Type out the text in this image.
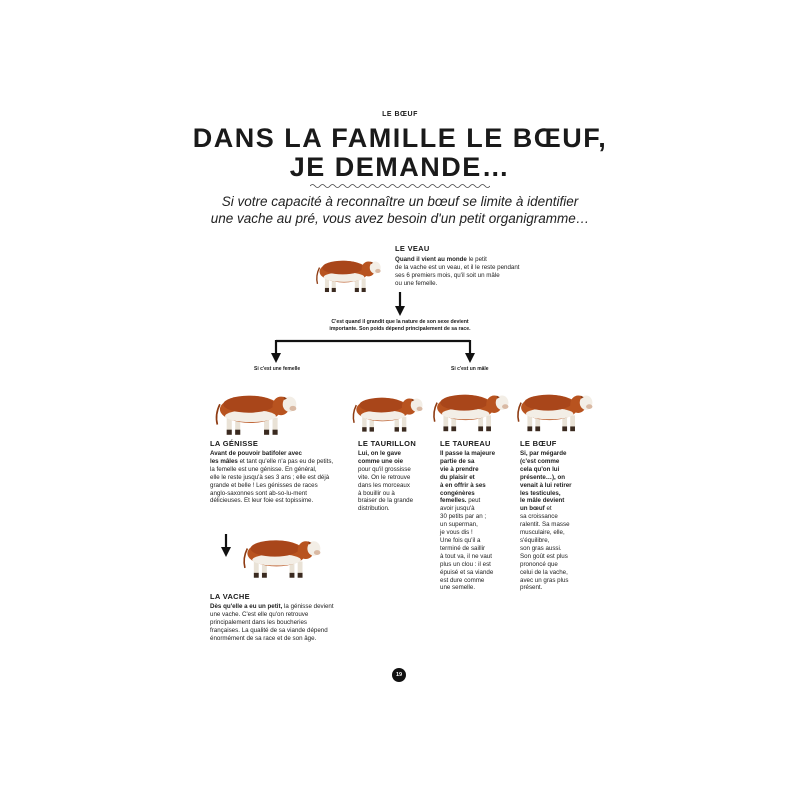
LE BŒUF
DANS LA FAMILLE LE BŒUF,
JE DEMANDE…
Si votre capacité à reconnaître un bœuf se limite à identifier
une vache au pré, vous avez besoin d'un petit organigramme…
LE VEAU
Quand il vient au monde le petit
de la vache est un veau, et il le reste pendant
ses 6 premiers mois, qu'il soit un mâle
ou une femelle.
C'est quand il grandit que la nature de son sexe devient
importante. Son poids dépend principalement de sa race.
Si c'est une femelle	Si c'est un mâle
LA GÉNISSE
Avant de pouvoir batifoler avec
les mâles et tant qu'elle n'a pas eu de petits,
la femelle est une génisse. En général,
elle le reste jusqu'à ses 3 ans ; elle est déjà
grande et belle ! Les génisses de races
anglo-saxonnes sont ab-so-lu-ment
délicieuses. Et leur foie est topissime.
LE TAURILLON
Lui, on le gave
comme une oie
pour qu'il grossisse
vite. On le retrouve
dans les morceaux
à bouillir ou à
braiser de la grande
distribution.
LE TAUREAU
Il passe la majeure
partie de sa
vie à prendre
du plaisir et
à en offrir à ses
congénères
femelles. peut
avoir jusqu'à
30 petits par an ;
un superman,
je vous dis !
Une fois qu'il a
terminé de saillir
à tout va, il ne vaut
plus un clou : il est
épuisé et sa viande
est dure comme
une semelle.
LE BŒUF
Si, par mégarde
(c'est comme
cela qu'on lui
présente…), on
venait à lui retirer
les testicules,
le mâle devient
un bœuf et
sa croissance
ralentit. Sa masse
musculaire, elle,
s'équilibre,
son gras aussi.
Son goût est plus
prononcé que
celui de la vache,
avec un gras plus
présent.
LA VACHE
Dès qu'elle a eu un petit, la génisse devient
une vache. C'est elle qu'on retrouve
principalement dans les boucheries
françaises. La qualité de sa viande dépend
énormément de sa race et de son âge.
19
